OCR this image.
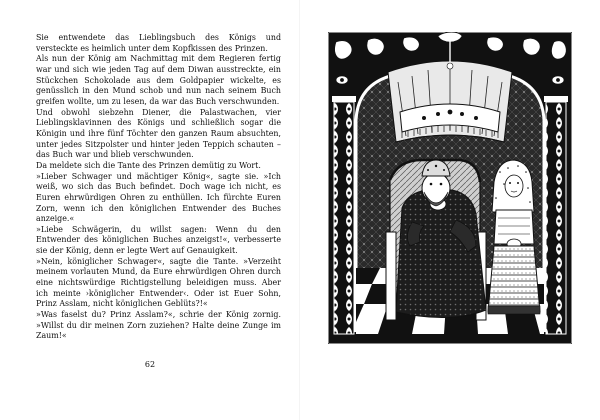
Sie entwendete das Lieblingsbuch des Königs und versteckte es heimlich unter dem Kopfkissen des Prinzen.

Als nun der König am Nachmittag mit dem Regieren fertig war und sich wie jeden Tag auf dem Diwan ausstreckte, ein Stückchen Schokolade aus dem Goldpapier wickelte, es genüsslich in den Mund schob und nun nach seinem Buch greifen wollte, um zu lesen, da war das Buch verschwunden.

Und obwohl siebzehn Diener, die Palastwachen, vier Lieblingsklavinnen des Königs und schließlich sogar die Königin und ihre fünf Töchter den ganzen Raum absuchten, unter jedes Sitzpolster und hinter jeden Teppich schauten – das Buch war und blieb verschwunden.

Da meldete sich die Tante des Prinzen demütig zu Wort.

»Lieber Schwager und mächtiger König«, sagte sie. »Ich weiß, wo sich das Buch befindet. Doch wage ich nicht, es Euren ehrwürdigen Ohren zu enthüllen. Ich fürchte Euren Zorn, wenn ich den königlichen Entwender des Buches anzeige.«

»Liebe Schwägerin, du willst sagen: Wenn du den Entwender des königlichen Buches anzeigst!«, verbesserte sie der König, denn er legte Wert auf Genauigkeit.

»Nein, königlicher Schwager«, sagte die Tante. »Verzeiht meinem vorlauten Mund, da Eure ehrwürdigen Ohren durch eine nichtswürdige Richtigstellung beleidigen muss. Aber ich meinte ›königlicher Entwender‹. Oder ist Euer Sohn, Prinz Asslam, nicht königlichen Geblüts?!«

»Was faselst du? Prinz Asslam?«, schrie der König zornig. »Willst du dir meinen Zorn zuziehen? Halte deine Zunge im Zaum!«

62
